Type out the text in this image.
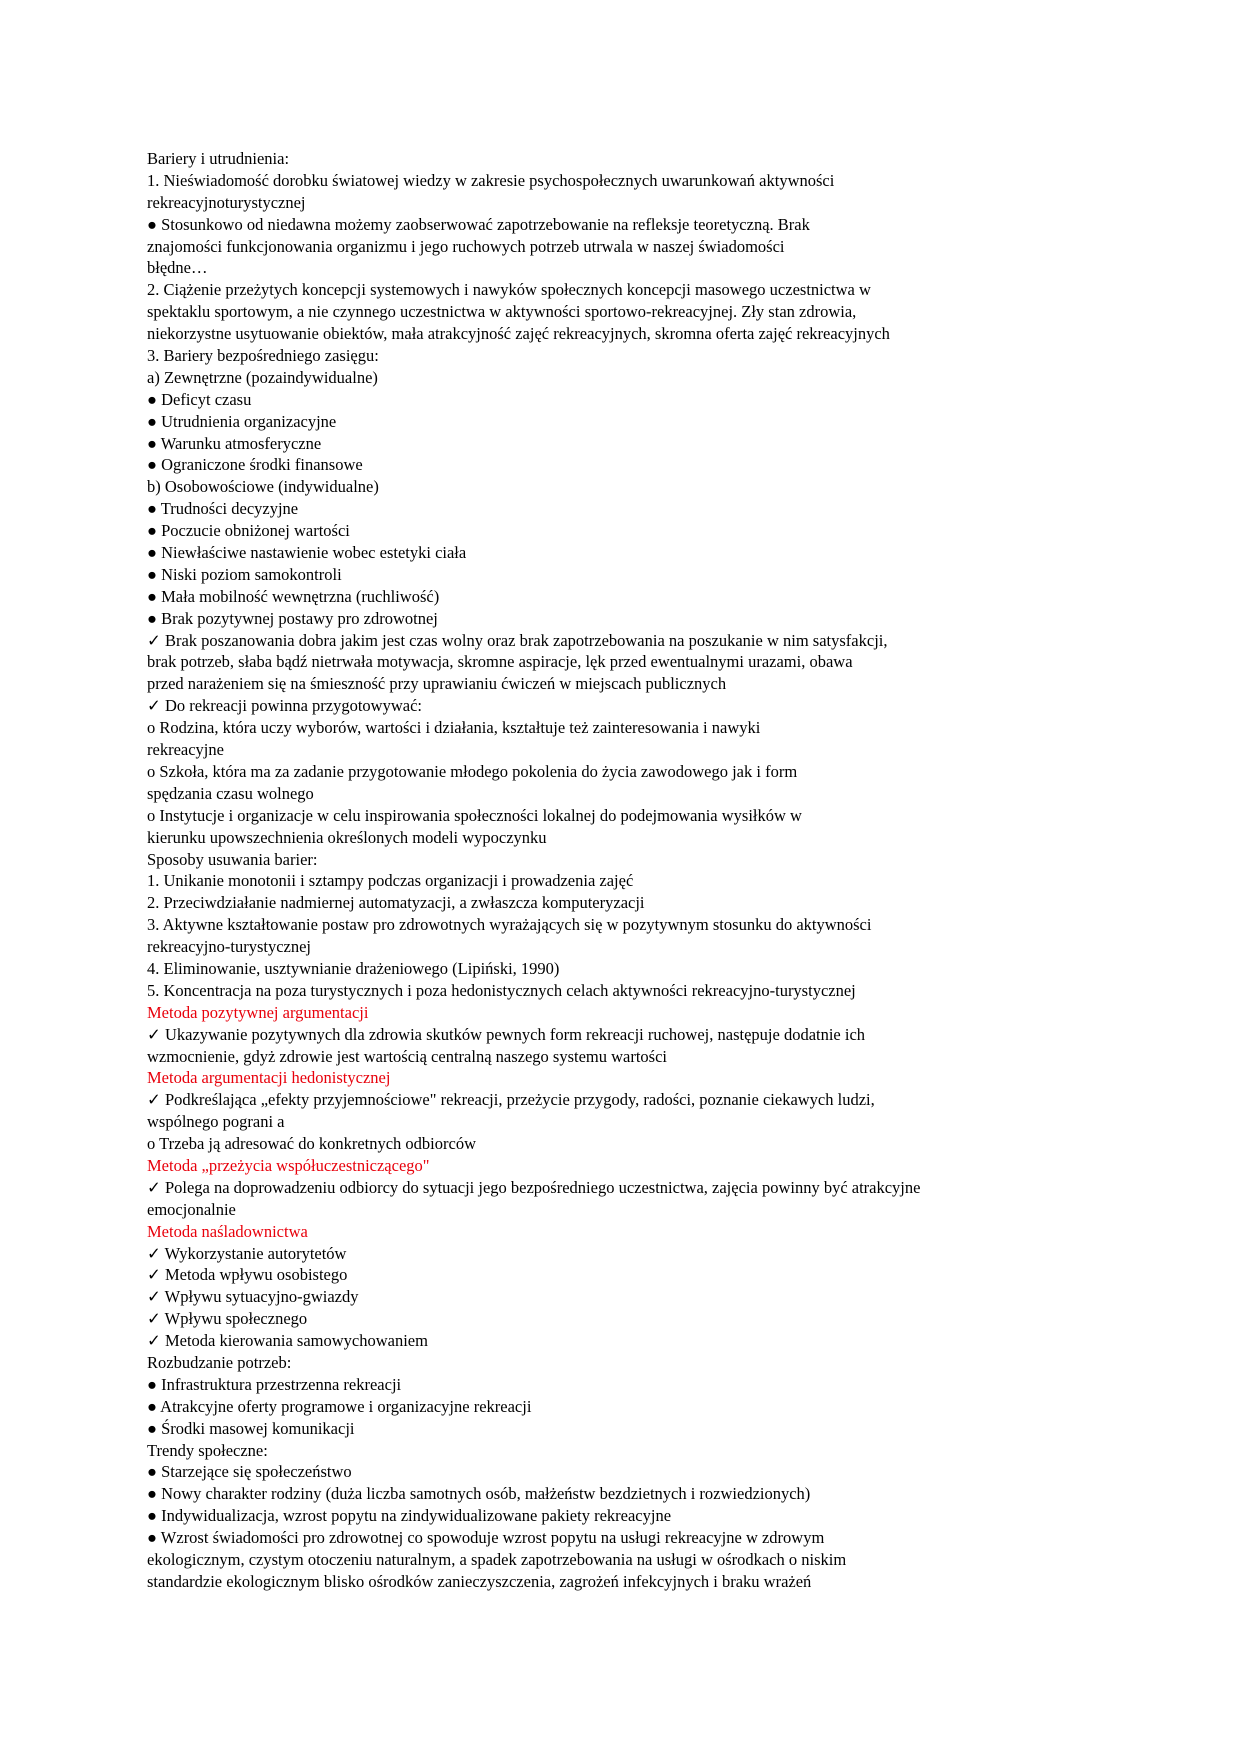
Bariery i utrudnienia:
1. Nieświadomość dorobku światowej wiedzy w zakresie psychospołecznych uwarunkowań aktywności
rekreacyjnoturystycznej
● Stosunkowo od niedawna możemy zaobserwować zapotrzebowanie na refleksje teoretyczną. Brak
znajomości funkcjonowania organizmu i jego ruchowych potrzeb utrwala w naszej świadomości
błędne…
2. Ciążenie przeżytych koncepcji systemowych i nawyków społecznych koncepcji masowego uczestnictwa w
spektaklu sportowym, a nie czynnego uczestnictwa w aktywności sportowo-rekreacyjnej. Zły stan zdrowia,
niekorzystne usytuowanie obiektów, mała atrakcyjność zajęć rekreacyjnych, skromna oferta zajęć rekreacyjnych
3. Bariery bezpośredniego zasięgu:
a) Zewnętrzne (pozaindywidualne)
● Deficyt czasu
● Utrudnienia organizacyjne
● Warunku atmosferyczne
● Ograniczone środki finansowe
b) Osobowościowe (indywidualne)
● Trudności decyzyjne
● Poczucie obniżonej wartości
● Niewłaściwe nastawienie wobec estetyki ciała
● Niski poziom samokontroli
● Mała mobilność wewnętrzna (ruchliwość)
● Brak pozytywnej postawy pro zdrowotnej
✓ Brak poszanowania dobra jakim jest czas wolny oraz brak zapotrzebowania na poszukanie w nim satysfakcji,
brak potrzeb, słaba bądź nietrwała motywacja, skromne aspiracje, lęk przed ewentualnymi urazami, obawa
przed narażeniem się na śmieszność przy uprawianiu ćwiczeń w miejscach publicznych
✓ Do rekreacji powinna przygotowywać:
o Rodzina, która uczy wyborów, wartości i działania, kształtuje też zainteresowania i nawyki
rekreacyjne
o Szkoła, która ma za zadanie przygotowanie młodego pokolenia do życia zawodowego jak i form
spędzania czasu wolnego
o Instytucje i organizacje w celu inspirowania społeczności lokalnej do podejmowania wysiłków w
kierunku upowszechnienia określonych modeli wypoczynku
Sposoby usuwania barier:
1. Unikanie monotonii i sztampy podczas organizacji i prowadzenia zajęć
2. Przeciwdziałanie nadmiernej automatyzacji, a zwłaszcza komputeryzacji
3. Aktywne kształtowanie postaw pro zdrowotnych wyrażających się w pozytywnym stosunku do aktywności
rekreacyjno-turystycznej
4. Eliminowanie, usztywnianie drażeniowego (Lipiński, 1990)
5. Koncentracja na poza turystycznych i poza hedonistycznych celach aktywności rekreacyjno-turystycznej
Metoda pozytywnej argumentacji
✓ Ukazywanie pozytywnych dla zdrowia skutków pewnych form rekreacji ruchowej, następuje dodatnie ich
wzmocnienie, gdyż zdrowie jest wartością centralną naszego systemu wartości
Metoda argumentacji hedonistycznej
✓ Podkreślająca „efekty przyjemnościowe" rekreacji, przeżycie przygody, radości, poznanie ciekawych ludzi,
wspólnego pograni a
o Trzeba ją adresować do konkretnych odbiorców
Metoda „przeżycia współuczestniczącego"
✓ Polega na doprowadzeniu odbiorcy do sytuacji jego bezpośredniego uczestnictwa, zajęcia powinny być atrakcyjne
emocjonalnie
Metoda naśladownictwa
✓ Wykorzystanie autorytetów
✓ Metoda wpływu osobistego
✓ Wpływu sytuacyjno-gwiazdy
✓ Wpływu społecznego
✓ Metoda kierowania samowychowaniem
Rozbudzanie potrzeb:
● Infrastruktura przestrzenna rekreacji
● Atrakcyjne oferty programowe i organizacyjne rekreacji
● Środki masowej komunikacji
Trendy społeczne:
● Starzejące się społeczeństwo
● Nowy charakter rodziny (duża liczba samotnych osób, małżeństw bezdzietnych i rozwiedzionych)
● Indywidualizacja, wzrost popytu na zindywidualizowane pakiety rekreacyjne
● Wzrost świadomości pro zdrowotnej co spowoduje wzrost popytu na usługi rekreacyjne w zdrowym
ekologicznym, czystym otoczeniu naturalnym, a spadek zapotrzebowania na usługi w ośrodkach o niskim
standardzie ekologicznym blisko ośrodków zanieczyszczenia, zagrożeń infekcyjnych i braku wrażeń
